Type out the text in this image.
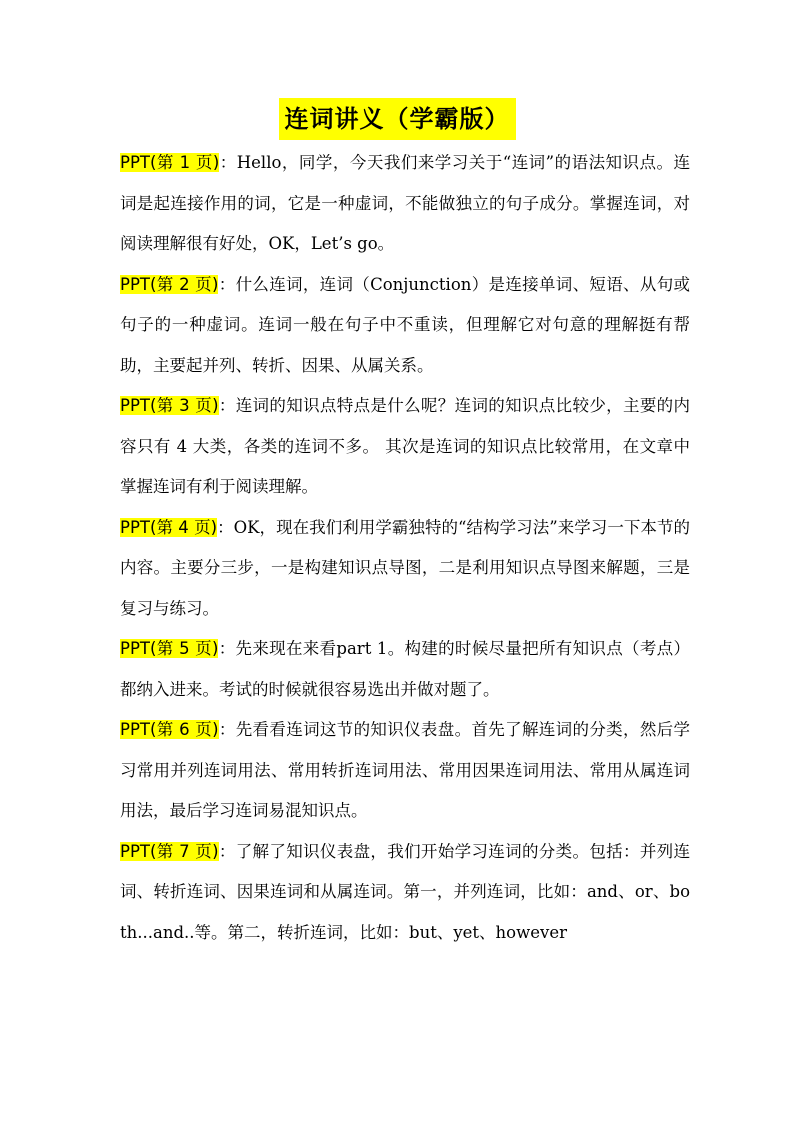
连词讲义（学霸版）

PPT(第 1 页)：Hello，同学，今天我们来学习关于“连词”的语法知识点。连词是起连接作用的词，它是一种虚词，不能做独立的句子成分。掌握连词，对阅读理解很有好处，OK，Let’s go。

PPT(第 2 页)：什么连词，连词（Conjunction）是连接单词、短语、从句或句子的一种虚词。连词一般在句子中不重读，但理解它对句意的理解挺有帮助，主要起并列、转折、因果、从属关系。

PPT(第 3 页)：连词的知识点特点是什么呢？连词的知识点比较少，主要的内容只有 4 大类，各类的连词不多。 其次是连词的知识点比较常用，在文章中掌握连词有利于阅读理解。

PPT(第 4 页)：OK，现在我们利用学霸独特的“结构学习法”来学习一下本节的内容。主要分三步，一是构建知识点导图，二是利用知识点导图来解题，三是复习与练习。

PPT(第 5 页)：先来现在来看part 1。构建的时候尽量把所有知识点（考点）都纳入进来。考试的时候就很容易选出并做对题了。

PPT(第 6 页)：先看看连词这节的知识仪表盘。首先了解连词的分类，然后学习常用并列连词用法、常用转折连词用法、常用因果连词用法、常用从属连词用法，最后学习连词易混知识点。

PPT(第 7 页)：了解了知识仪表盘，我们开始学习连词的分类。包括：并列连词、转折连词、因果连词和从属连词。第一，并列连词，比如：and、or、both...and..等。第二，转折连词，比如：but、yet、however
